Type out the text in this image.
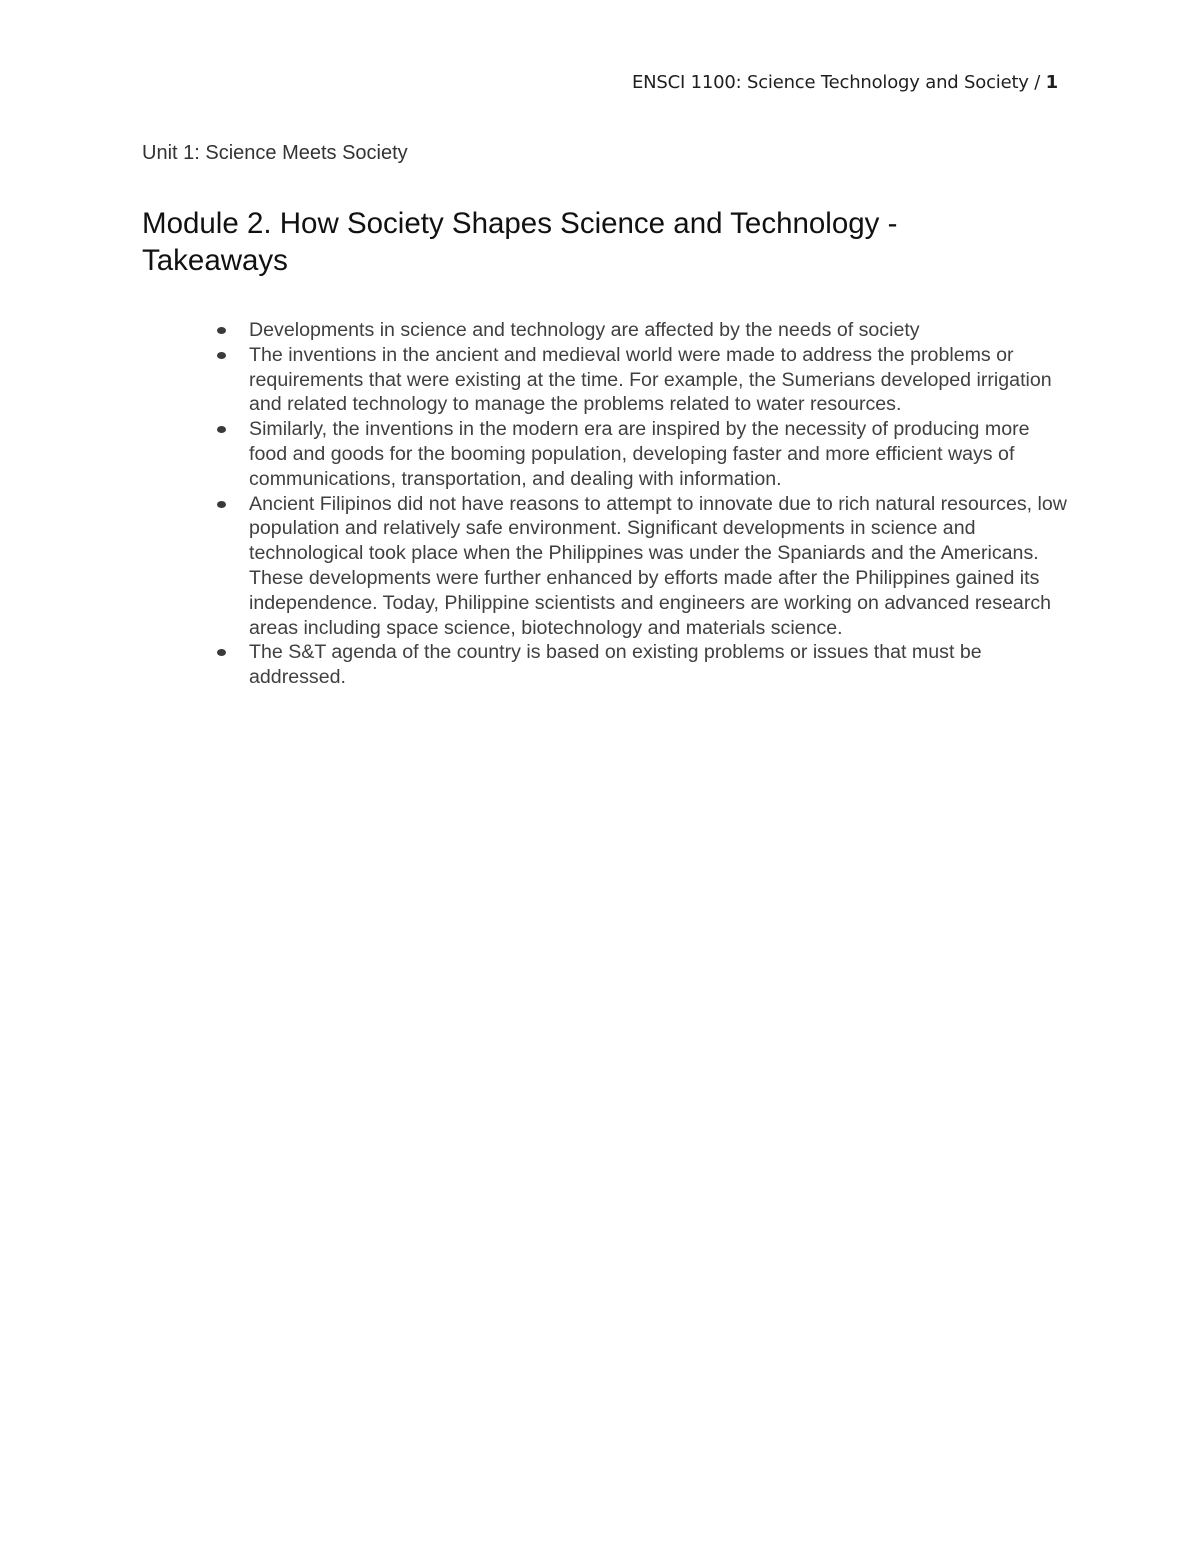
ENSCI 1100: Science Technology and Society / 1
Unit 1: Science Meets Society
Module 2. How Society Shapes Science and Technology - Takeaways
Developments in science and technology are affected by the needs of society
The inventions in the ancient and medieval world were made to address the problems or requirements that were existing at the time. For example, the Sumerians developed irrigation and related technology to manage the problems related to water resources.
Similarly, the inventions in the modern era are inspired by the necessity of producing more food and goods for the booming population, developing faster and more efficient ways of communications, transportation, and dealing with information.
Ancient Filipinos did not have reasons to attempt to innovate due to rich natural resources, low population and relatively safe environment. Significant developments in science and technological took place when the Philippines was under the Spaniards and the Americans. These developments were further enhanced by efforts made after the Philippines gained its independence. Today, Philippine scientists and engineers are working on advanced research areas including space science, biotechnology and materials science.
The S&T agenda of the country is based on existing problems or issues that must be addressed.
